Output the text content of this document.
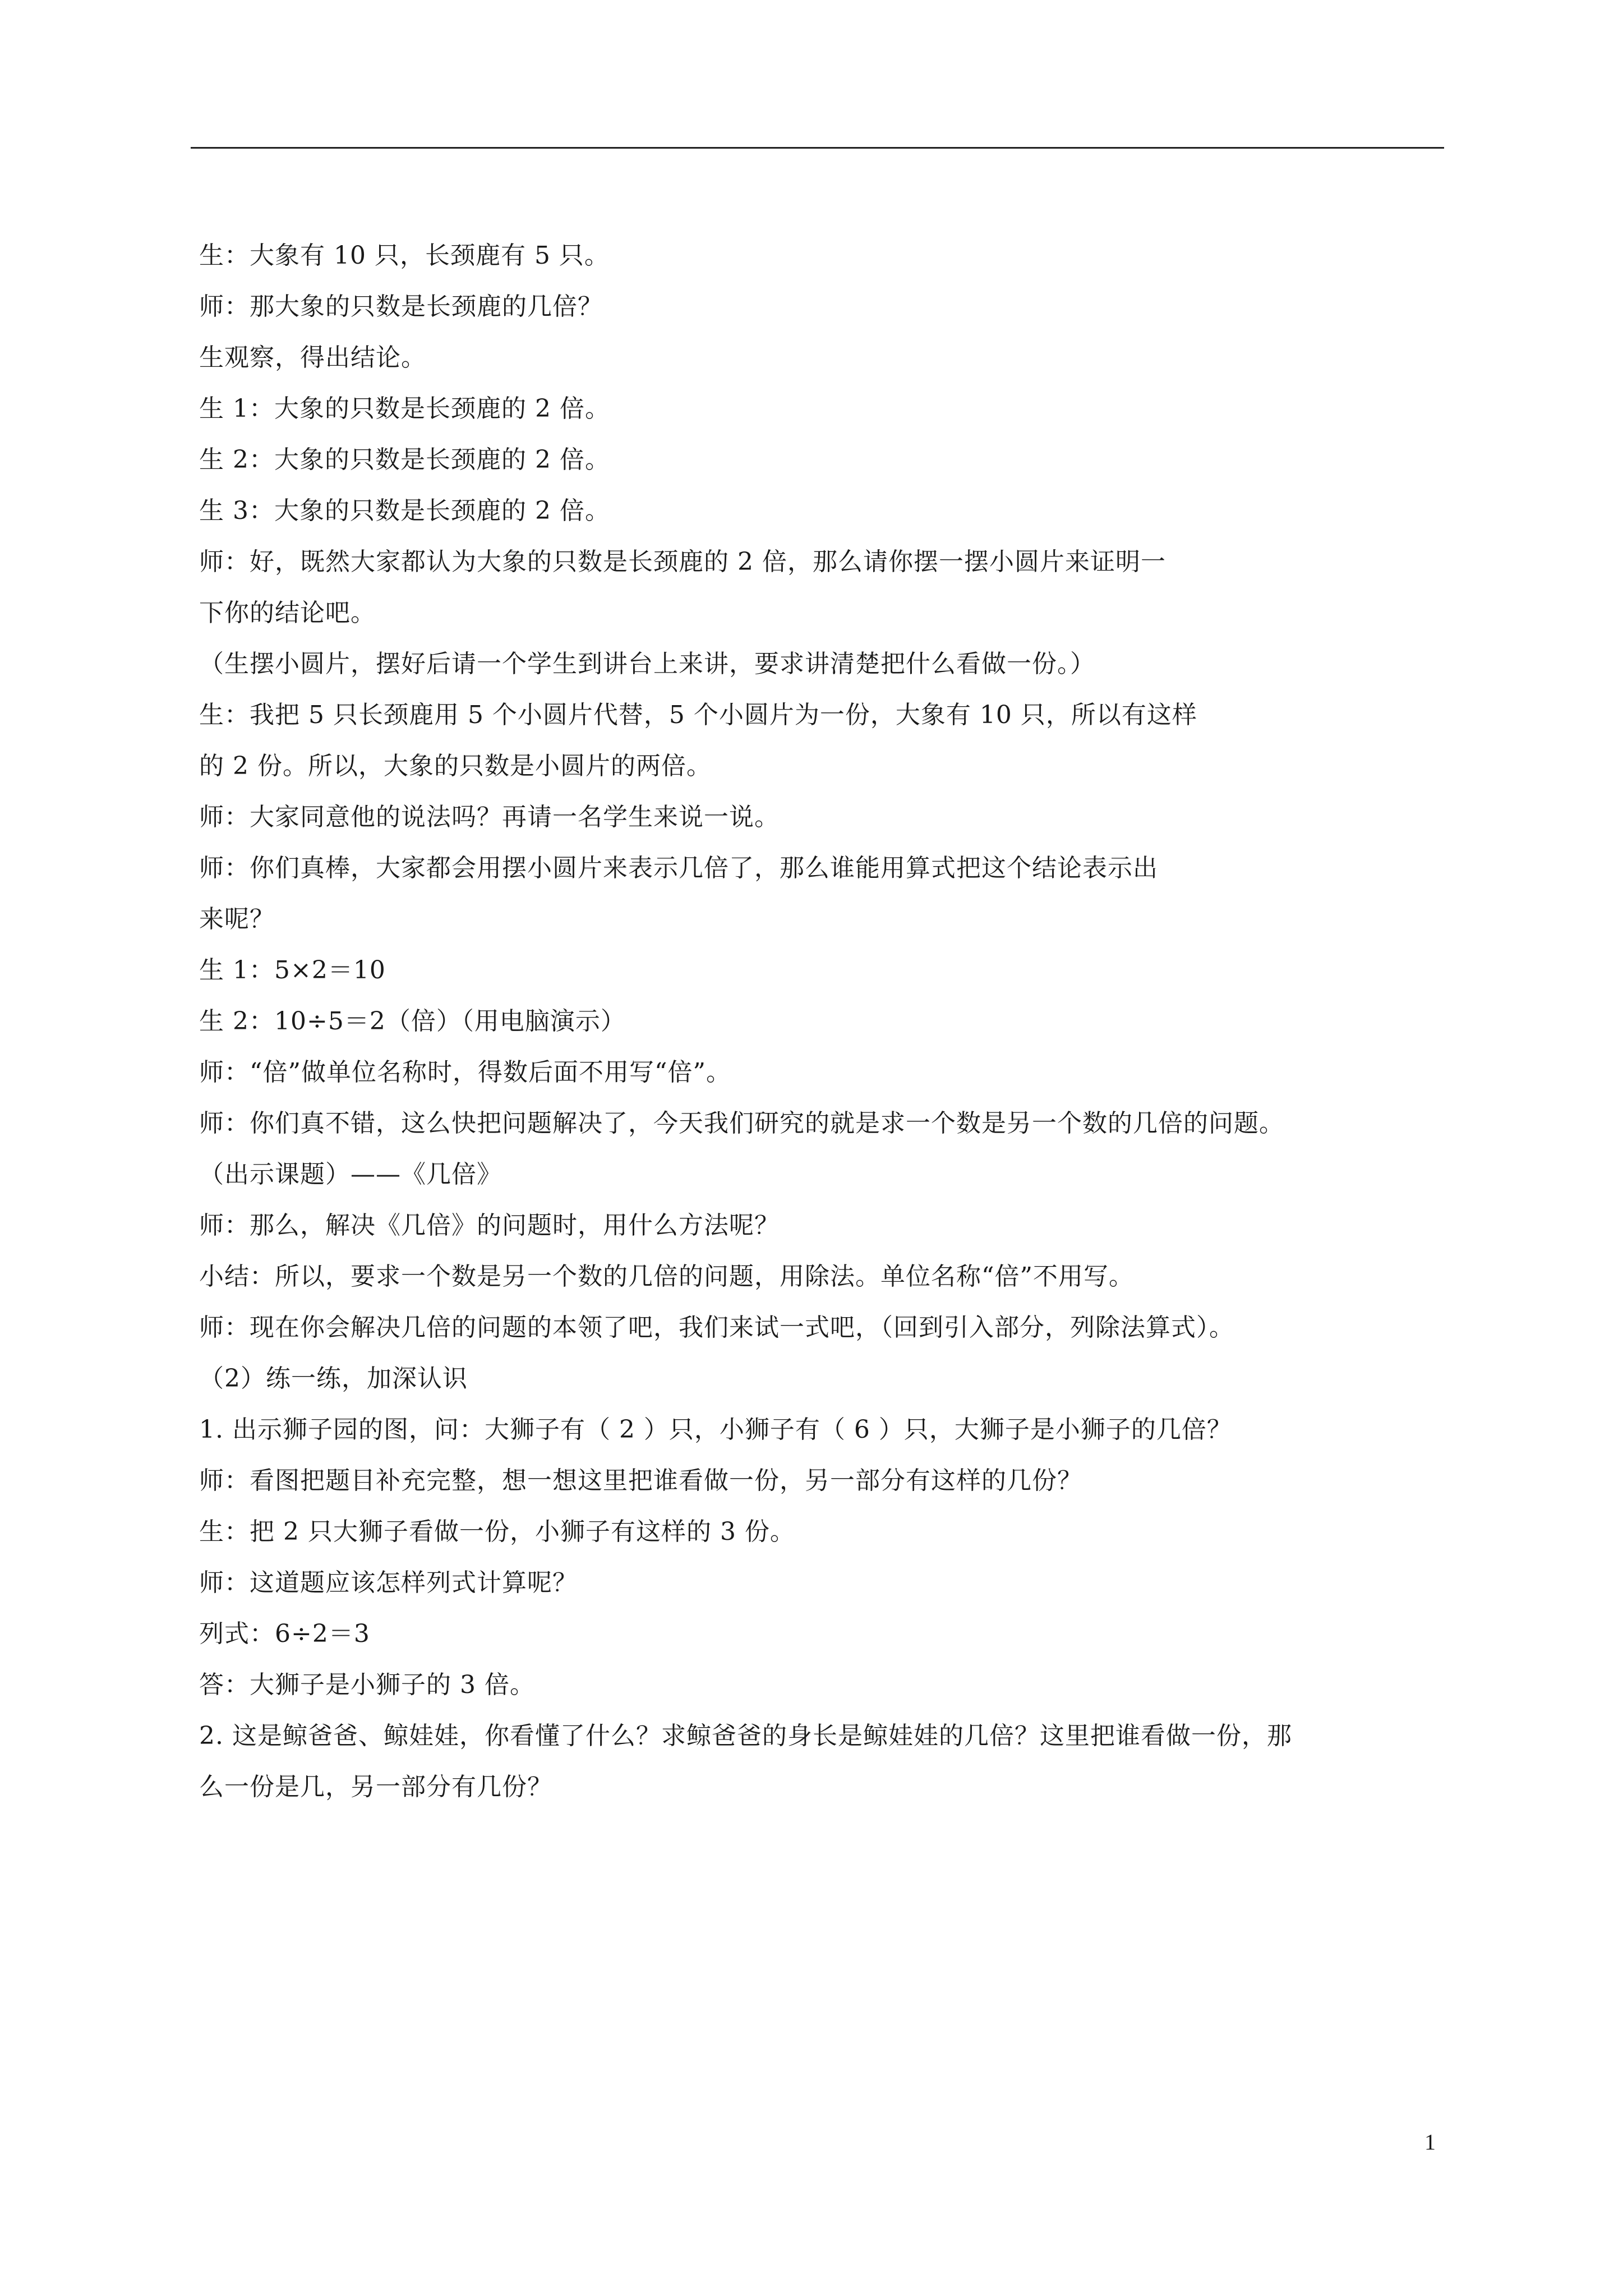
生：大象有 10 只，长颈鹿有 5 只。
师：那大象的只数是长颈鹿的几倍？
生观察，得出结论。
生 1：大象的只数是长颈鹿的 2 倍。
生 2：大象的只数是长颈鹿的 2 倍。
生 3：大象的只数是长颈鹿的 2 倍。
师：好，既然大家都认为大象的只数是长颈鹿的 2 倍，那么请你摆一摆小圆片来证明一
下你的结论吧。
（生摆小圆片，摆好后请一个学生到讲台上来讲，要求讲清楚把什么看做一份。）
生：我把 5 只长颈鹿用 5 个小圆片代替，5 个小圆片为一份，大象有 10 只，所以有这样
的 2 份。所以，大象的只数是小圆片的两倍。
师：大家同意他的说法吗？再请一名学生来说一说。
师：你们真棒，大家都会用摆小圆片来表示几倍了，那么谁能用算式把这个结论表示出
来呢？
生 1：5×2＝10
生 2：10÷5＝2（倍）（用电脑演示）
师：“倍”做单位名称时，得数后面不用写“倍”。
师：你们真不错，这么快把问题解决了，今天我们研究的就是求一个数是另一个数的几倍的问题。
（出示课题）——《几倍》
师：那么，解决《几倍》的问题时，用什么方法呢？
小结：所以，要求一个数是另一个数的几倍的问题，用除法。单位名称“倍”不用写。
师：现在你会解决几倍的问题的本领了吧，我们来试一式吧，（回到引入部分，列除法算式）。
（2）练一练，加深认识
1. 出示狮子园的图，问：大狮子有（ 2 ）只，小狮子有（ 6 ）只，大狮子是小狮子的几倍？
师：看图把题目补充完整，想一想这里把谁看做一份，另一部分有这样的几份？
生：把 2 只大狮子看做一份，小狮子有这样的 3 份。
师：这道题应该怎样列式计算呢？
列式：6÷2＝3
答：大狮子是小狮子的 3 倍。
2. 这是鲸爸爸、鲸娃娃，你看懂了什么？求鲸爸爸的身长是鲸娃娃的几倍？这里把谁看做一份，那
么一份是几，另一部分有几份？
1
